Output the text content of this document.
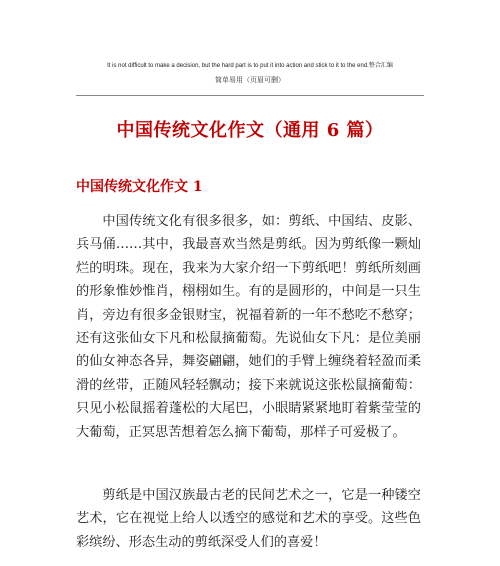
It is not difficult to make a decision, but the hard part is to put it into action and stick to it to the end.整合汇编
简单易用（页眉可删）
中国传统文化作文（通用 6 篇）
中国传统文化作文 1

中国传统文化有很多很多，如：剪纸、中国结、皮影、兵马俑……其中，我最喜欢当然是剪纸。因为剪纸像一颗灿烂的明珠。现在，我来为大家介绍一下剪纸吧！剪纸所刻画的形象惟妙惟肖，栩栩如生。有的是圆形的，中间是一只生肖，旁边有很多金银财宝，祝福着新的一年不愁吃不愁穿；还有这张仙女下凡和松鼠摘葡萄。先说仙女下凡：是位美丽的仙女神态各异，舞姿翩翩，她们的手臂上缠绕着轻盈而柔滑的丝带，正随风轻轻飘动；接下来就说这张松鼠摘葡萄：只见小松鼠摇着蓬松的大尾巴，小眼睛紧紧地盯着紫莹莹的大葡萄，正冥思苦想着怎么摘下葡萄，那样子可爱极了。

剪纸是中国汉族最古老的民间艺术之一，它是一种镂空艺术，它在视觉上给人以透空的感觉和艺术的享受。这些色彩缤纷、形态生动的剪纸深受人们的喜爱！
